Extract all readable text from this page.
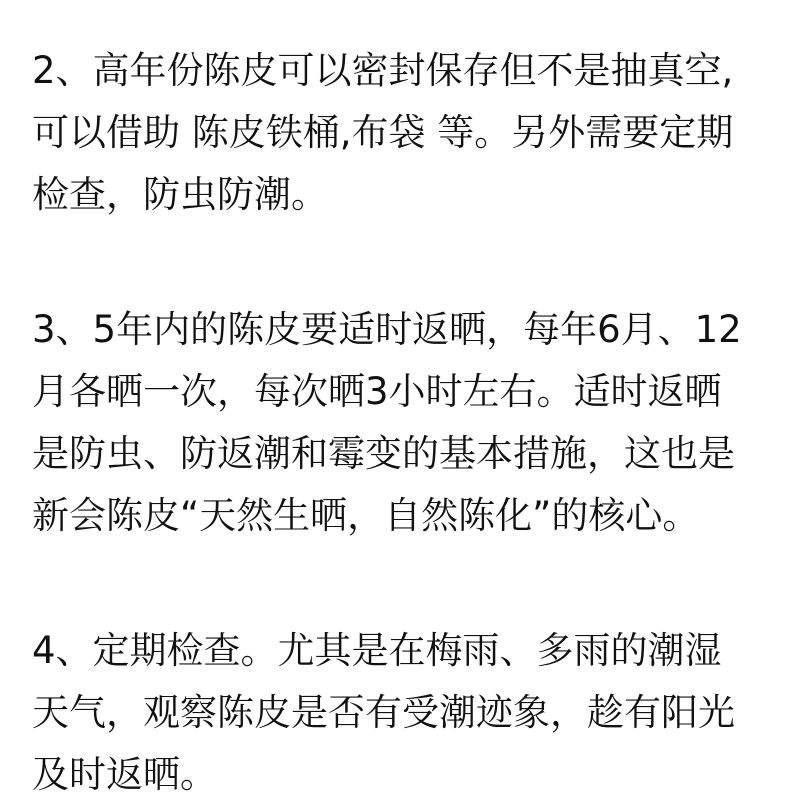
2、高年份陈皮可以密封保存但不是抽真空,
可以借助 陈皮铁桶,布袋 等。另外需要定期
检查，防虫防潮。
3、5年内的陈皮要适时返晒，每年6月、12
月各晒一次，每次晒3小时左右。适时返晒
是防虫、防返潮和霉变的基本措施，这也是
新会陈皮“天然生晒，自然陈化”的核心。
4、定期检查。尤其是在梅雨、多雨的潮湿
天气，观察陈皮是否有受潮迹象，趁有阳光
及时返晒。
